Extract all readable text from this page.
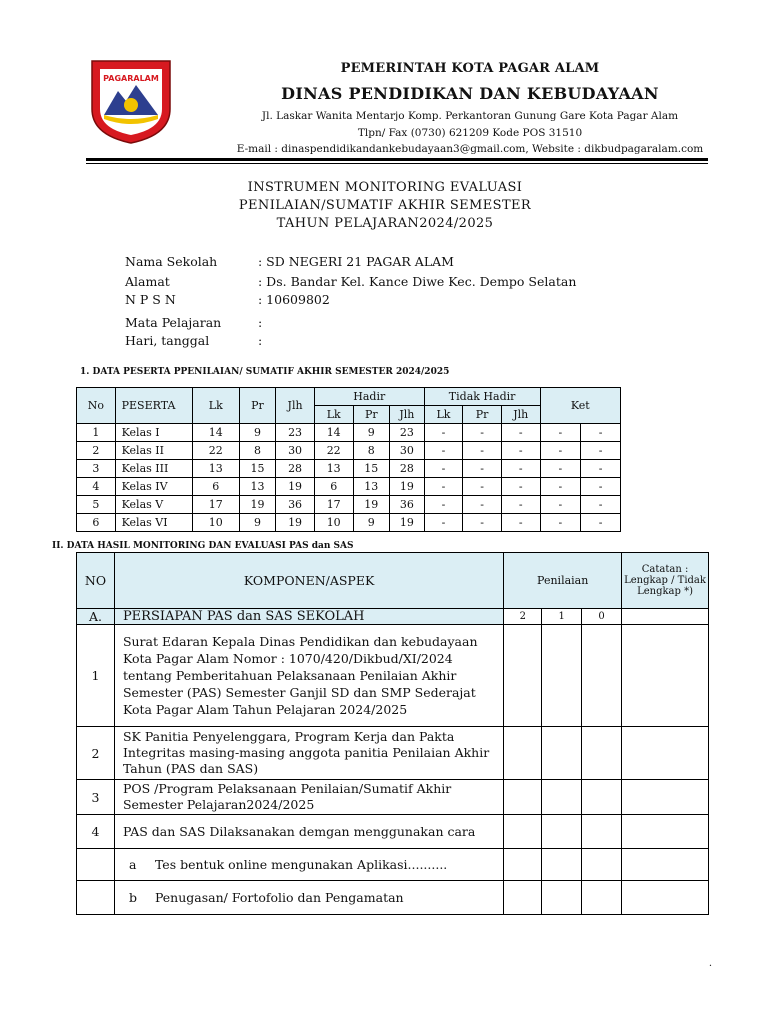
PAGARALAM
PEMERINTAH KOTA PAGAR ALAM
DINAS PENDIDIKAN DAN KEBUDAYAAN
Jl. Laskar Wanita Mentarjo Komp. Perkantoran Gunung Gare Kota Pagar Alam
Tlpn/ Fax (0730) 621209 Kode POS 31510
E-mail : dinaspendidikandankebudayaan3@gmail.com, Website : dikbudpagaralam.com
INSTRUMEN MONITORING EVALUASI
PENILAIAN/SUMATIF AKHIR SEMESTER
TAHUN PELAJARAN2024/2025
Nama Sekolah	: SD NEGERI 21 PAGAR ALAM
Alamat	: Ds. Bandar Kel. Kance Diwe Kec. Dempo Selatan
N P S N	: 10609802
Mata Pelajaran	:
Hari, tanggal	:
1. DATA PESERTA PPENILAIAN/ SUMATIF AKHIR SEMESTER 2024/2025
No	PESERTA	Lk	Pr	Jlh	Hadir			Tidak Hadir			Ket	
					Lk	Pr	Jlh	Lk	Pr	Jlh		
1	Kelas I	14	9	23	14	9	23	-	-	-	-	-
2	Kelas II	22	8	30	22	8	30	-	-	-	-	-
3	Kelas III	13	15	28	13	15	28	-	-	-	-	-
4	Kelas IV	6	13	19	6	13	19	-	-	-	-	-
5	Kelas V	17	19	36	17	19	36	-	-	-	-	-
6	Kelas VI	10	9	19	10	9	19	-	-	-	-	-
II. DATA HASIL MONITORING DAN EVALUASI PAS dan SAS
NO	KOMPONEN/ASPEK	Penilaian			Catatan : Lengkap / Tidak Lengkap *)
A.	PERSIAPAN PAS dan SAS SEKOLAH	2	1	0	
1	Surat Edaran Kepala Dinas Pendidikan dan kebudayaan Kota Pagar Alam Nomor : 1070/420/Dikbud/XI/2024 tentang Pemberitahuan Pelaksanaan Penilaian Akhir Semester (PAS) Semester Ganjil SD dan SMP Sederajat Kota Pagar Alam Tahun Pelajaran 2024/2025				
2	SK Panitia Penyelenggara, Program Kerja dan Pakta Integritas masing-masing anggota panitia Penilaian Akhir Tahun (PAS dan SAS)				
3	POS /Program Pelaksanaan Penilaian/Sumatif Akhir Semester Pelajaran2024/2025				
4	PAS dan SAS Dilaksanakan demgan menggunakan cara				
	a Tes bentuk online mengunakan Aplikasi..........				
	b Penugasan/ Fortofolio dan Pengamatan				
.
